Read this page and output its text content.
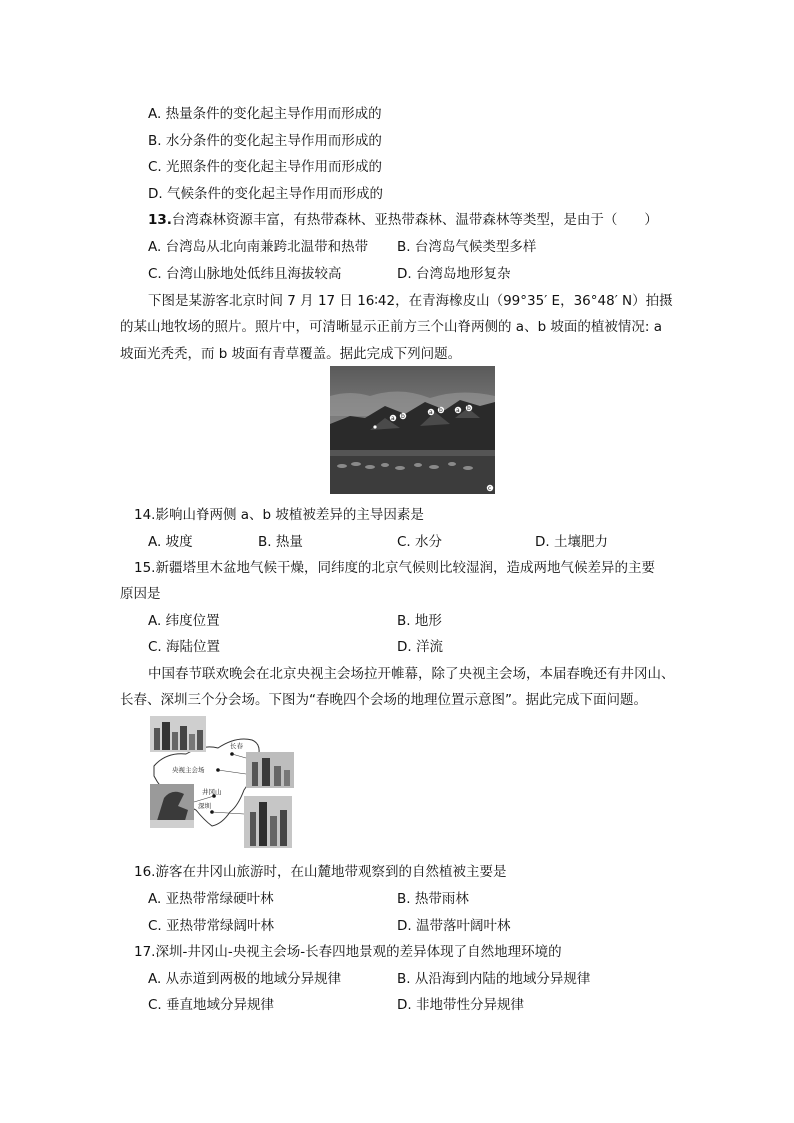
A. 热量条件的变化起主导作用而形成的
B. 水分条件的变化起主导作用而形成的
C. 光照条件的变化起主导作用而形成的
D. 气候条件的变化起主导作用而形成的
13.台湾森林资源丰富，有热带森林、亚热带森林、温带森林等类型，是由于（　　）
A. 台湾岛从北向南兼跨北温带和热带 B. 台湾岛气候类型多样
C. 台湾山脉地处低纬且海拔较高	D. 台湾岛地形复杂
下图是某游客北京时间 7 月 17 日 16∶42，在青海橡皮山（99°35′ E，36°48′ N）拍摄
的某山地牧场的照片。照片中，可清晰显示正前方三个山脊两侧的 a、b 坡面的植被情况: a
坡面光秃秃，而 b 坡面有青草覆盖。据此完成下列问题。
a b
a b a b
c
14.影响山脊两侧 a、b 坡植被差异的主导因素是
A. 坡度	B. 热量	C. 水分	D. 土壤肥力
15.新疆塔里木盆地气候干燥，同纬度的北京气候则比较湿润，造成两地气候差异的主要
原因是
A. 纬度位置	B. 地形
C. 海陆位置	D. 洋流
中国春节联欢晚会在北京央视主会场拉开帷幕，除了央视主会场，本届春晚还有井冈山、
长春、深圳三个分会场。下图为“春晚四个会场的地理位置示意图”。据此完成下面问题。
长春
央视主会场
井冈山
深圳
16.游客在井冈山旅游时，在山麓地带观察到的自然植被主要是
A. 亚热带常绿硬叶林	B. 热带雨林
C. 亚热带常绿阔叶林	D. 温带落叶阔叶林
17.深圳-井冈山-央视主会场-长春四地景观的差异体现了自然地理环境的
A. 从赤道到两极的地域分异规律	B. 从沿海到内陆的地域分异规律
C. 垂直地域分异规律	D. 非地带性分异规律
